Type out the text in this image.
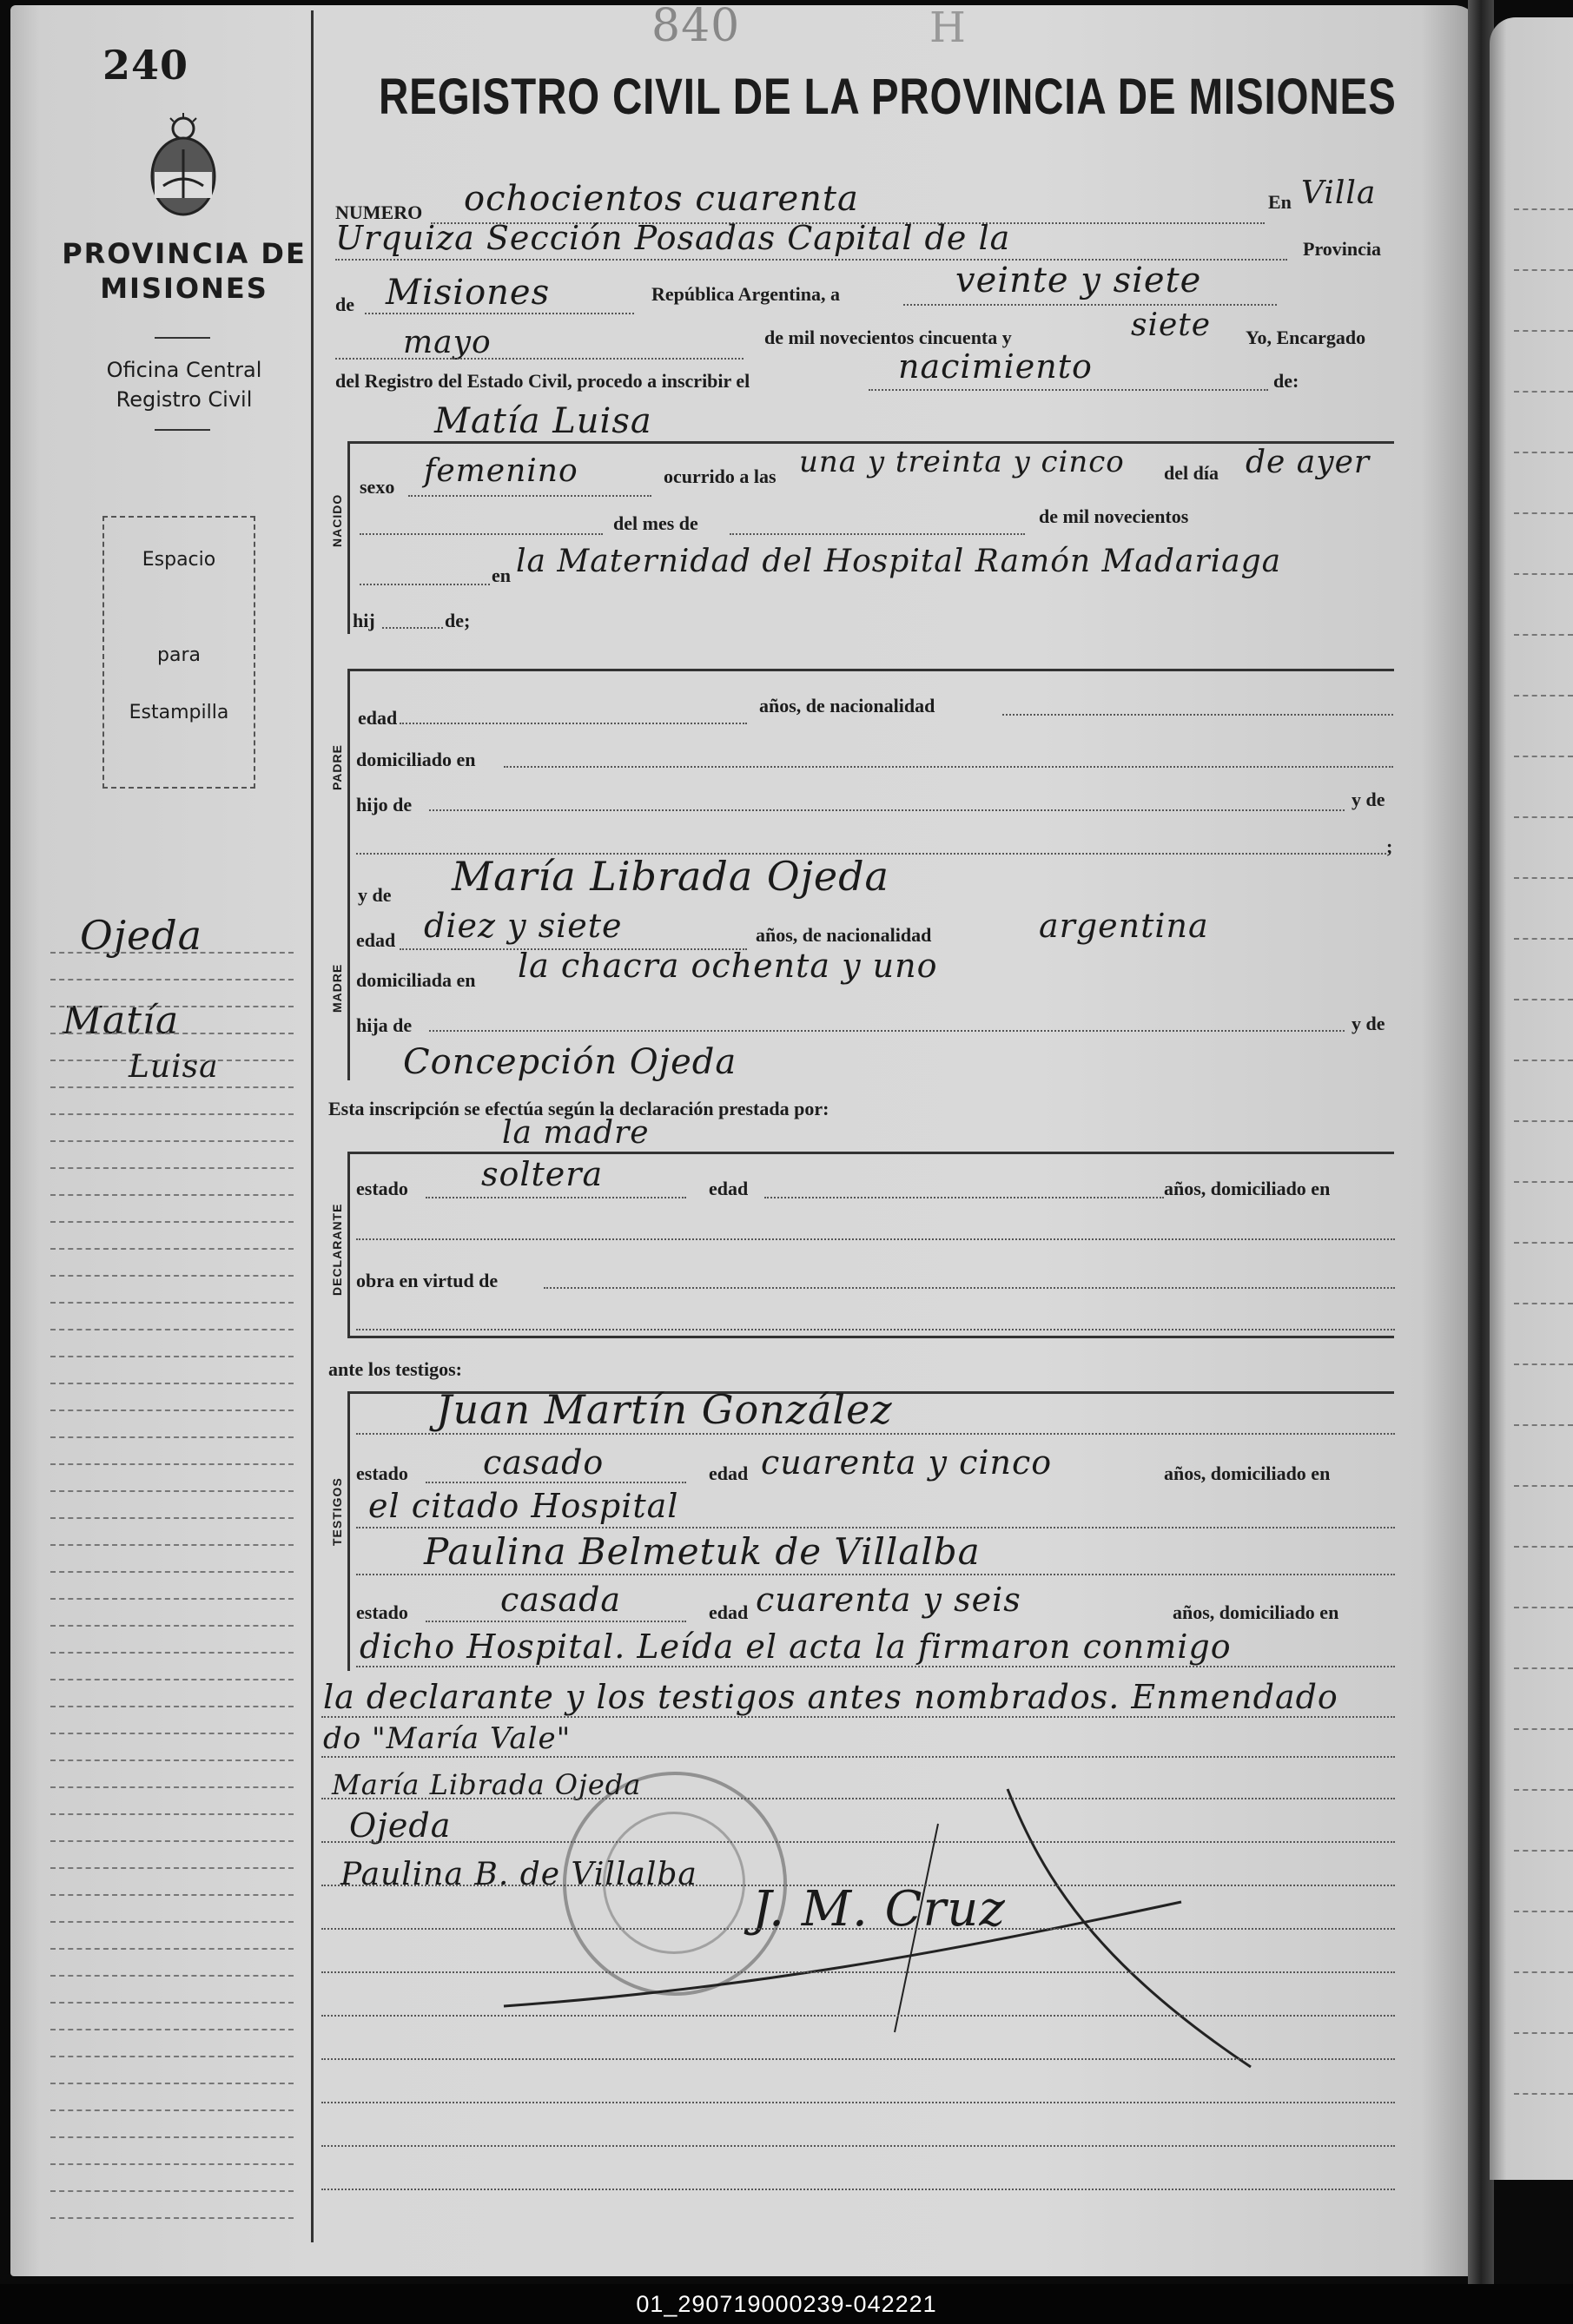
240
840	H
PROVINCIA DE MISIONES
Oficina Central
Registro Civil
Espacio
para
Estampilla
Ojeda
Matía
Luisa
REGISTRO CIVIL DE LA PROVINCIA DE MISIONES
NUMERO ochocientos cuarenta	En Villa
Urquiza Sección Posadas Capital de la	Provincia
de Misiones	República Argentina, a	veinte y siete
mayo	de mil novecientos cincuenta y	siete Yo, Encargado
del Registro del Estado Civil, procedo a inscribir el	nacimiento	de:
Matía Luisa
NACIDO
sexo femenino	ocurrido a las una y treinta y cinco del día de ayer
del mes de	de mil novecientos
en la Maternidad del Hospital Ramón Madariaga
hij	de;
PADRE
edad
años, de nacionalidad
domiciliado en
hijo de	y de
;
y de María Librada Ojeda
MADRE
edad diez y siete	años, de nacionalidad	argentina
domiciliada en la chacra ochenta y uno
hija de	y de
Concepción Ojeda
Esta inscripción se efectúa según la declaración prestada por:
la madre
DECLARANTE
estado soltera	edad	años, domiciliado en
obra en virtud de
ante los testigos:
TESTIGOS
Juan Martín González
estado casado	edad cuarenta y cinco	años, domiciliado en
el citado Hospital
Paulina Belmetuk de Villalba
estado	casada	edad cuarenta y seis	años, domiciliado en
dicho Hospital. Leída el acta la firmaron conmigo
la declarante y los testigos antes nombrados. Enmendado
do "María Vale"
María Librada Ojeda
Ojeda
Paulina B. de Villalba
J. M. Cruz
01_290719000239-042221
